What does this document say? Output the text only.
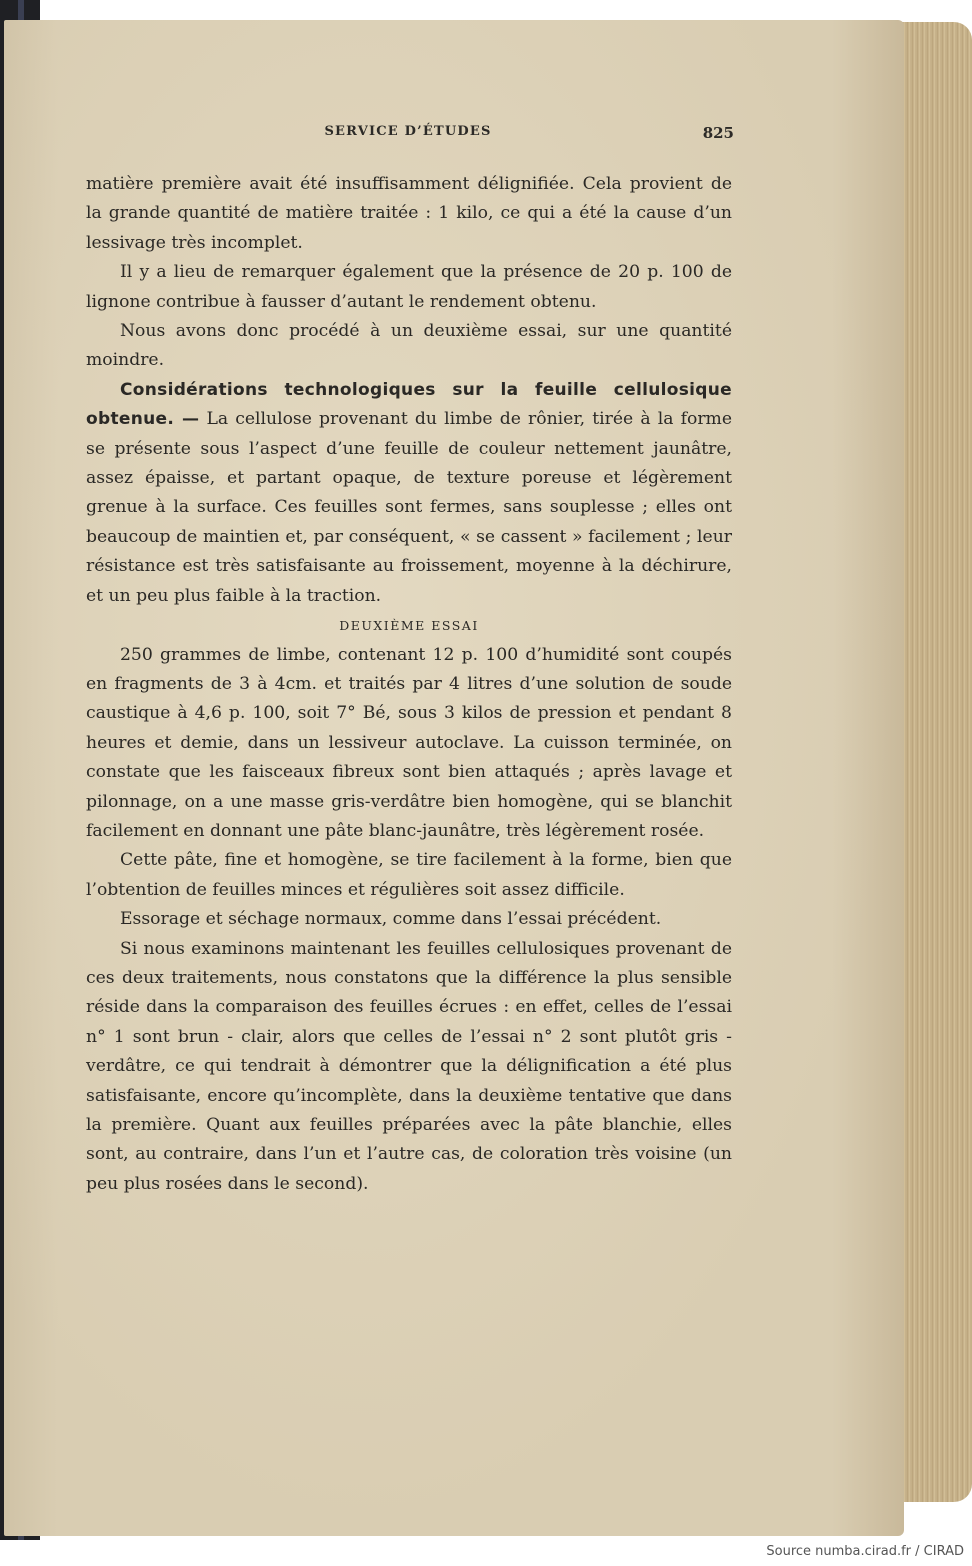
SERVICE D’ÉTUDES	825

matière première avait été insuffisamment délignifiée. Cela provient de la grande quantité de matière traitée : 1 kilo, ce qui a été la cause d’un lessivage très incomplet.

Il y a lieu de remarquer également que la présence de 20 p. 100 de lignone contribue à fausser d’autant le rendement obtenu.

Nous avons donc procédé à un deuxième essai, sur une quantité moindre.

Considérations technologiques sur la feuille cellulosique obtenue. — La cellulose provenant du limbe de rônier, tirée à la forme se présente sous l’aspect d’une feuille de couleur nettement jaunâtre, assez épaisse, et partant opaque, de texture poreuse et légèrement grenue à la surface. Ces feuilles sont fermes, sans souplesse ; elles ont beaucoup de maintien et, par conséquent, « se cassent » facilement ; leur résistance est très satisfaisante au froissement, moyenne à la déchirure, et un peu plus faible à la traction.

DEUXIÈME ESSAI

250 grammes de limbe, contenant 12 p. 100 d’humidité sont coupés en fragments de 3 à 4cm. et traités par 4 litres d’une solution de soude caustique à 4,6 p. 100, soit 7° Bé, sous 3 kilos de pression et pendant 8 heures et demie, dans un lessiveur autoclave. La cuisson terminée, on constate que les faisceaux fibreux sont bien attaqués ; après lavage et pilonnage, on a une masse gris-verdâtre bien homogène, qui se blanchit facilement en donnant une pâte blanc-jaunâtre, très légèrement rosée.

Cette pâte, fine et homogène, se tire facilement à la forme, bien que l’obtention de feuilles minces et régulières soit assez difficile.

Essorage et séchage normaux, comme dans l’essai précédent.

Si nous examinons maintenant les feuilles cellulosiques provenant de ces deux traitements, nous constatons que la différence la plus sensible réside dans la comparaison des feuilles écrues : en effet, celles de l’essai n° 1 sont brun - clair, alors que celles de l’essai n° 2 sont plutôt gris - verdâtre, ce qui tendrait à démontrer que la délignification a été plus satisfaisante, encore qu’incomplète, dans la deuxième tentative que dans la première. Quant aux feuilles préparées avec la pâte blanchie, elles sont, au contraire, dans l’un et l’autre cas, de coloration très voisine (un peu plus rosées dans le second).

Source numba.cirad.fr / CIRAD
